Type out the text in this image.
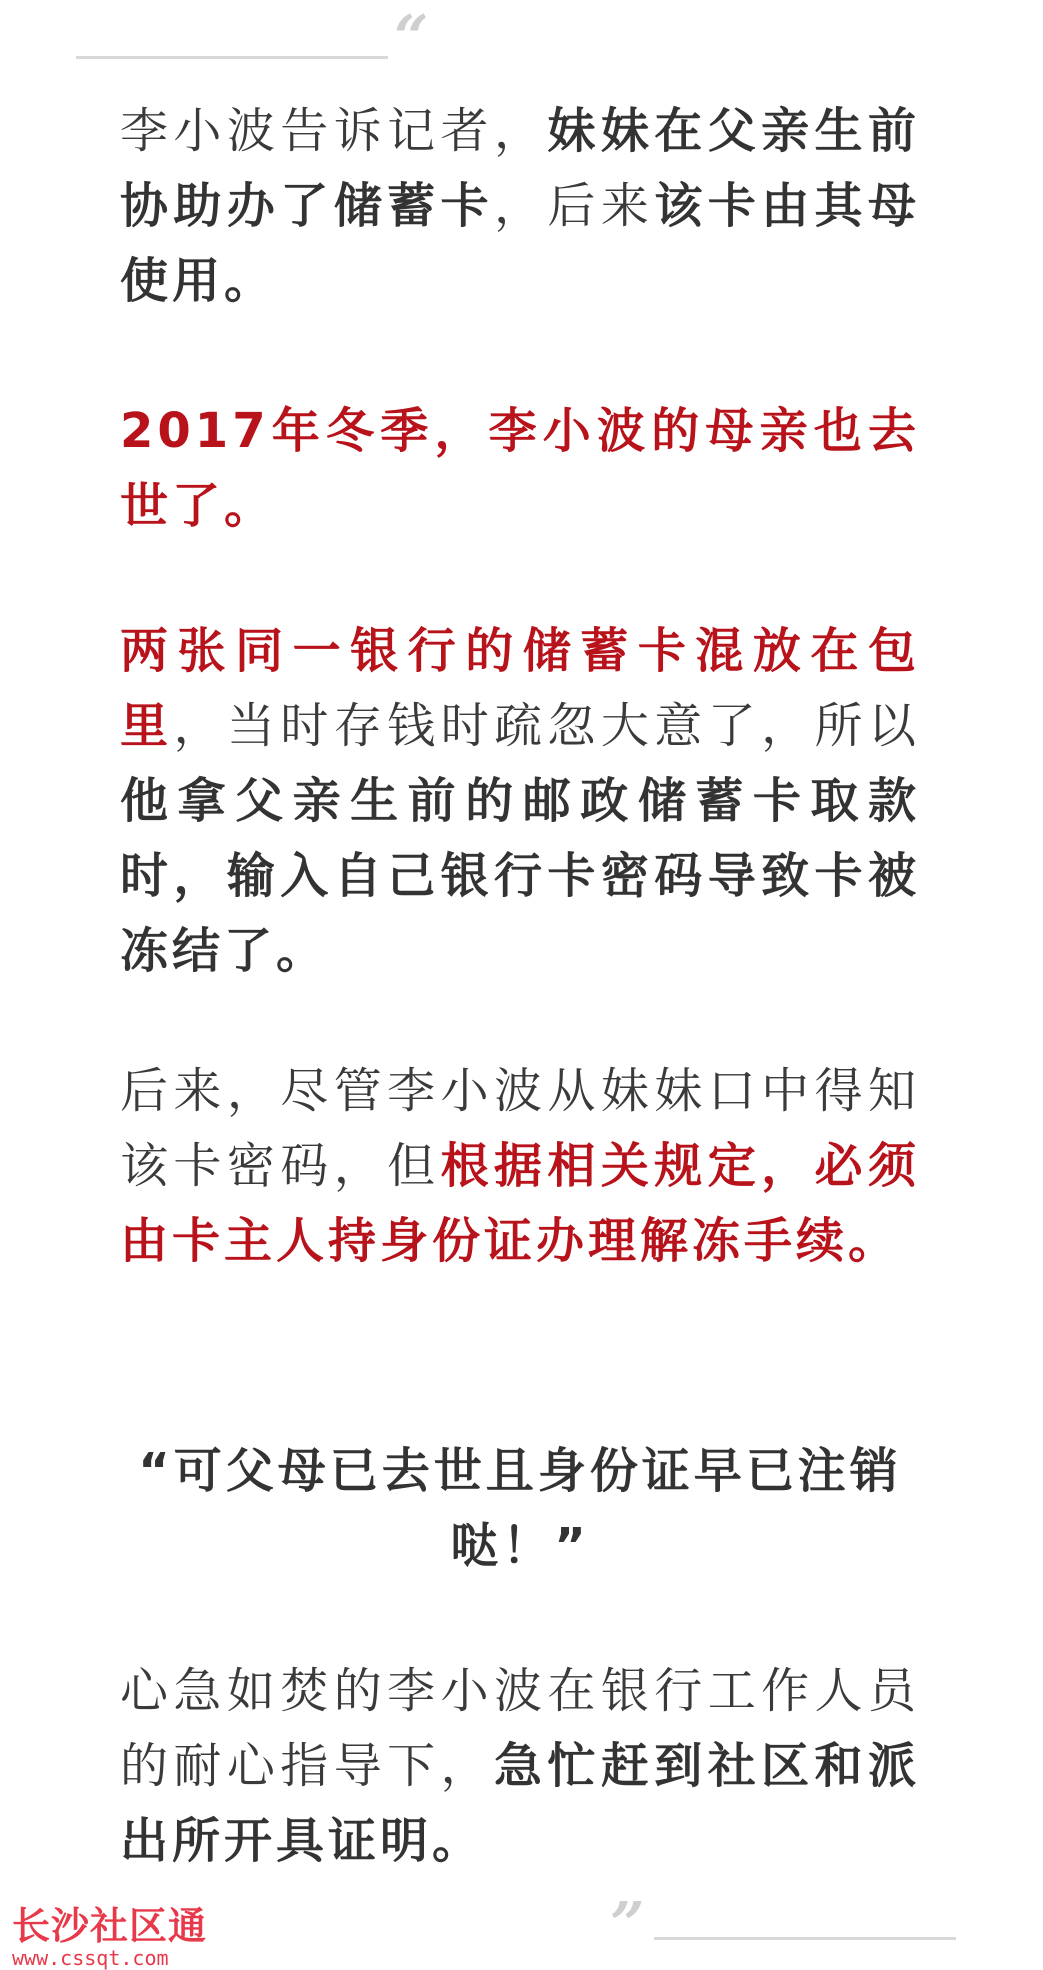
“

李小波告诉记者，妹妹在父亲生前协助办了储蓄卡，后来该卡由其母使用。

2017年冬季，李小波的母亲也去世了。

两张同一银行的储蓄卡混放在包里，当时存钱时疏忽大意了，所以他拿父亲生前的邮政储蓄卡取款时，输入自己银行卡密码导致卡被冻结了。

后来，尽管李小波从妹妹口中得知该卡密码，但根据相关规定，必须由卡主人持身份证办理解冻手续。

“可父母已去世且身份证早已注销哒！”

心急如焚的李小波在银行工作人员的耐心指导下，急忙赶到社区和派出所开具证明。

”
长沙社区通
www.cssqt.com
